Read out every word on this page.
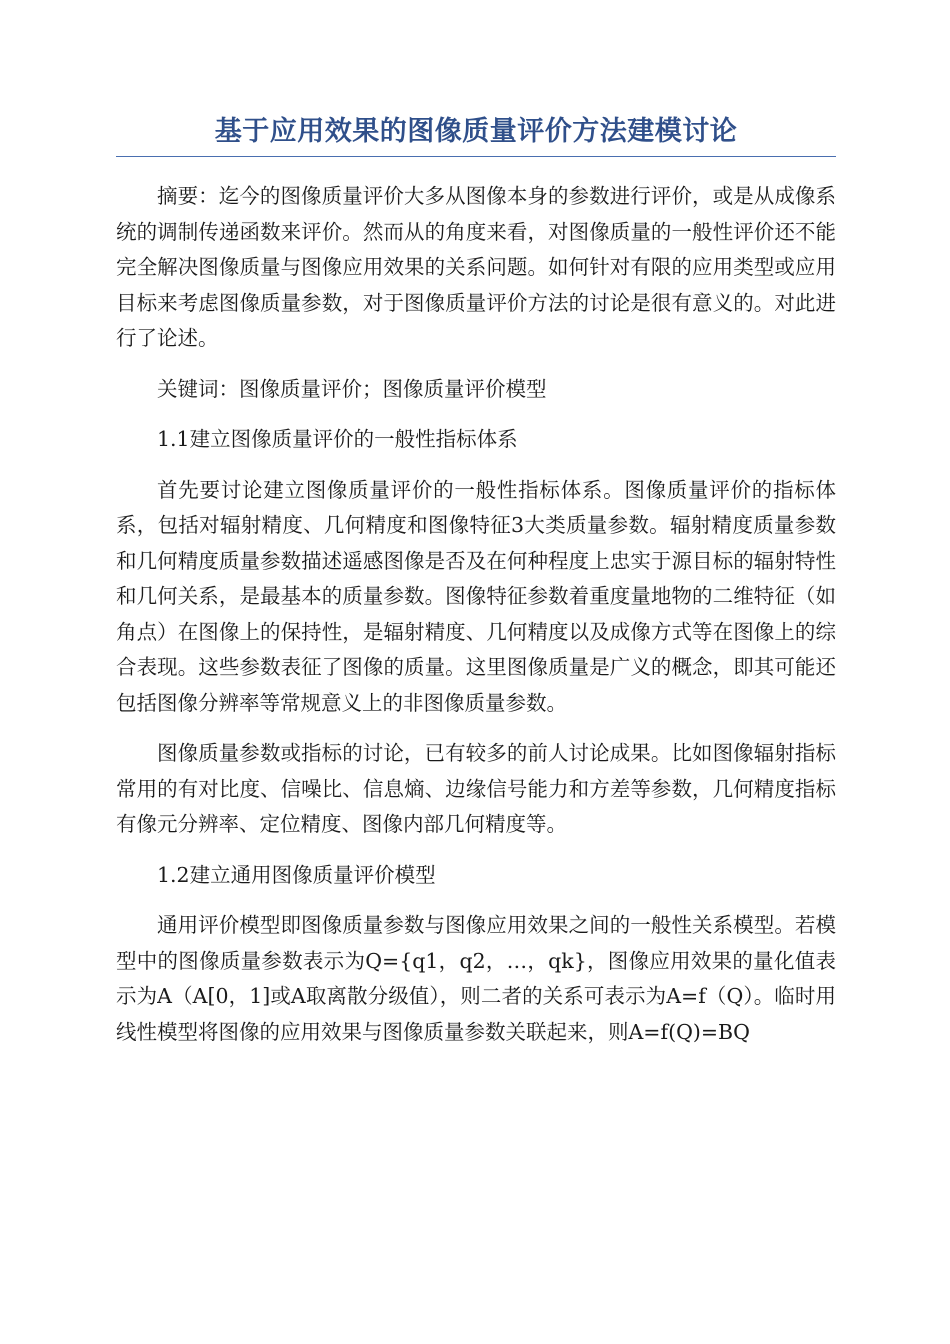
基于应用效果的图像质量评价方法建模讨论

摘要：迄今的图像质量评价大多从图像本身的参数进行评价，或是从成像系统的调制传递函数来评价。然而从的角度来看，对图像质量的一般性评价还不能完全解决图像质量与图像应用效果的关系问题。如何针对有限的应用类型或应用目标来考虑图像质量参数，对于图像质量评价方法的讨论是很有意义的。对此进行了论述。

关键词：图像质量评价；图像质量评价模型

1.1建立图像质量评价的一般性指标体系

首先要讨论建立图像质量评价的一般性指标体系。图像质量评价的指标体系，包括对辐射精度、几何精度和图像特征3大类质量参数。辐射精度质量参数和几何精度质量参数描述遥感图像是否及在何种程度上忠实于源目标的辐射特性和几何关系，是最基本的质量参数。图像特征参数着重度量地物的二维特征（如角点）在图像上的保持性，是辐射精度、几何精度以及成像方式等在图像上的综合表现。这些参数表征了图像的质量。这里图像质量是广义的概念，即其可能还包括图像分辨率等常规意义上的非图像质量参数。

图像质量参数或指标的讨论，已有较多的前人讨论成果。比如图像辐射指标常用的有对比度、信噪比、信息熵、边缘信号能力和方差等参数，几何精度指标有像元分辨率、定位精度、图像内部几何精度等。

1.2建立通用图像质量评价模型

通用评价模型即图像质量参数与图像应用效果之间的一般性关系模型。若模型中的图像质量参数表示为Q={q1，q2，…，qk}，图像应用效果的量化值表示为A（A[0，1]或A取离散分级值），则二者的关系可表示为A=f（Q）。临时用线性模型将图像的应用效果与图像质量参数关联起来，则A=f(Q)=BQ
